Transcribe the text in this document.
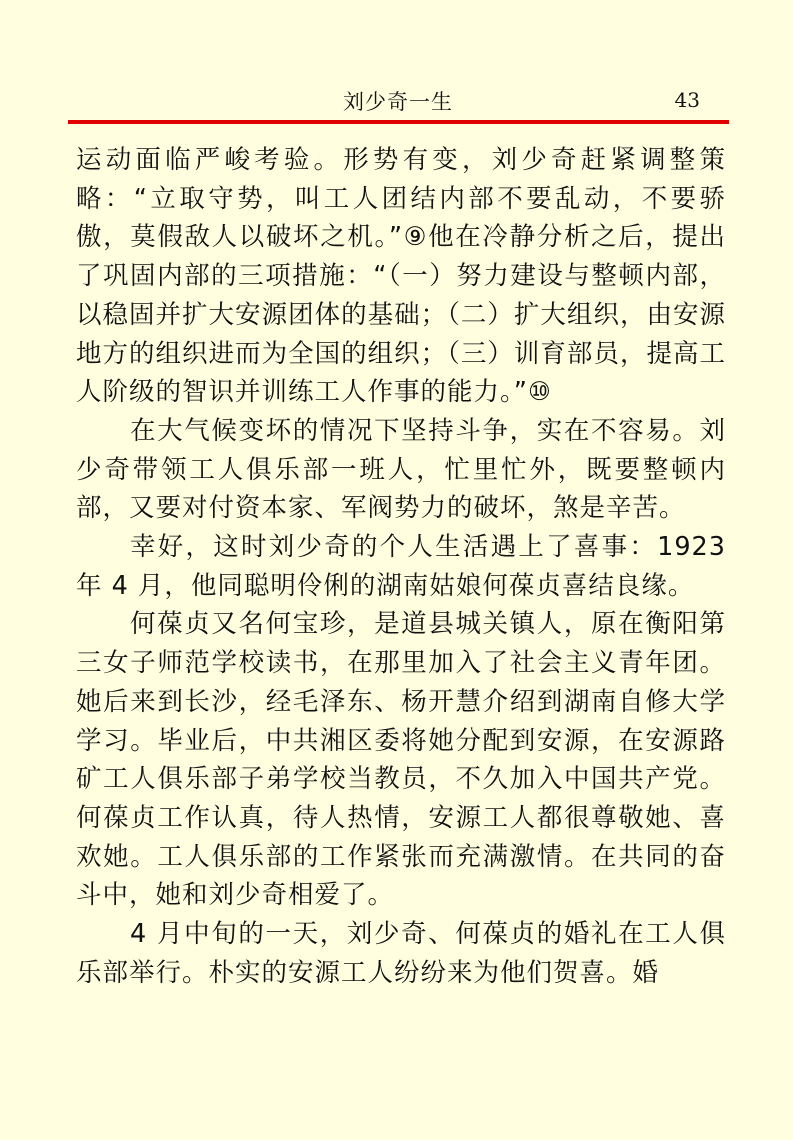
刘少奇一生	43

运动面临严峻考验。形势有变，刘少奇赶紧调整策略：“立取守势，叫工人团结内部不要乱动，不要骄傲，莫假敌人以破坏之机。”⑨他在冷静分析之后，提出了巩固内部的三项措施：“（一）努力建设与整顿内部，以稳固并扩大安源团体的基础；（二）扩大组织，由安源地方的组织进而为全国的组织；（三）训育部员，提高工人阶级的智识并训练工人作事的能力。”⑩

在大气候变坏的情况下坚持斗争，实在不容易。刘少奇带领工人俱乐部一班人，忙里忙外，既要整顿内部，又要对付资本家、军阀势力的破坏，煞是辛苦。

幸好，这时刘少奇的个人生活遇上了喜事：1923年 4 月，他同聪明伶俐的湖南姑娘何葆贞喜结良缘。

何葆贞又名何宝珍，是道县城关镇人，原在衡阳第三女子师范学校读书，在那里加入了社会主义青年团。她后来到长沙，经毛泽东、杨开慧介绍到湖南自修大学学习。毕业后，中共湘区委将她分配到安源，在安源路矿工人俱乐部子弟学校当教员，不久加入中国共产党。何葆贞工作认真，待人热情，安源工人都很尊敬她、喜欢她。工人俱乐部的工作紧张而充满激情。在共同的奋斗中，她和刘少奇相爱了。

4 月中旬的一天，刘少奇、何葆贞的婚礼在工人俱乐部举行。朴实的安源工人纷纷来为他们贺喜。婚
